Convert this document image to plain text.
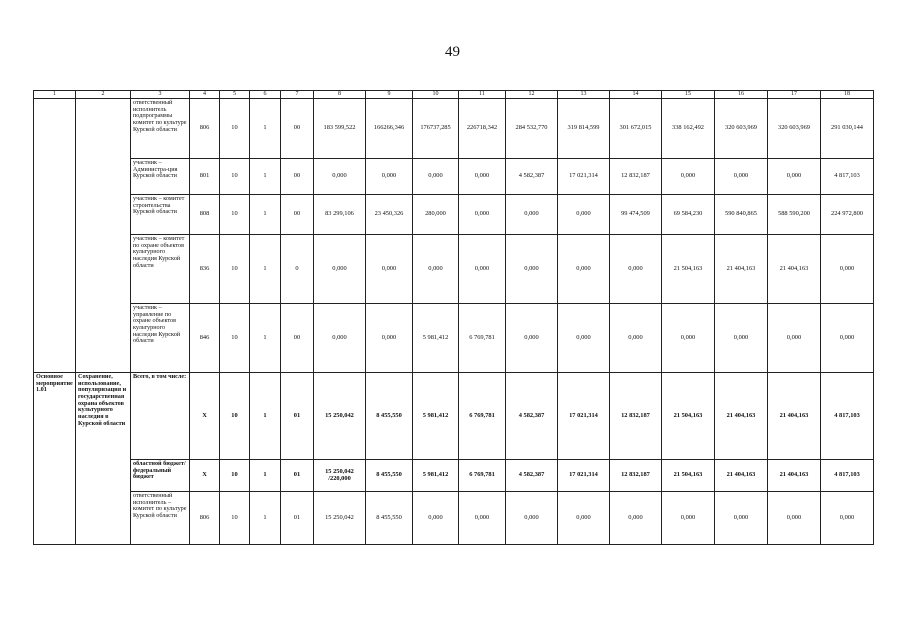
49
1	2	3	4	5	6	7	8	9	10	11	12	13	14	15	16	17	18
		ответственный исполнитель подпрограммы комитет по культуре Курской области	806	10	1	00	183 599,522	166266,346	176737,285	226718,342	284 532,770	319 814,599	301 672,015	338 162,492	320 603,969	320 603,969	291 030,144
		участник – Администра-ция Курской области	801	10	1	00	0,000	0,000	0,000	0,000	4 582,387	17 021,314	12 832,187	0,000	0,000	0,000	4 817,103
		участник – комитет строительства Курской области	808	10	1	00	83 299,106	23 450,326	280,000	0,000	0,000	0,000	99 474,509	69 584,230	590 840,865	588 590,200	224 972,800
		участник – комитет по охране объектов культурного наследия Курской области	836	10	1	0	0,000	0,000	0,000	0,000	0,000	0,000	0,000	21 504,163	21 404,163	21 404,163	0,000
		участник – управление по охране объектов культурного наследия Курской области	846	10	1	00	0,000	0,000	5 981,412	6 769,781	0,000	0,000	0,000	0,000	0,000	0,000	0,000
Основное мероприятие 1.01	Сохранение, использование, популяризация и государственная охрана объектов культурного наследия в Курской области	Всего, в том числе:	Х	10	1	01	15 250,042	8 455,550	5 981,412	6 769,781	4 582,387	17 021,314	12 832,187	21 504,163	21 404,163	21 404,163	4 817,103
		областной бюджет/ федеральный бюджет	Х	10	1	01	15 250,042 /220,000	8 455,550	5 981,412	6 769,781	4 582,387	17 021,314	12 832,187	21 504,163	21 404,163	21 404,163	4 817,103
		ответственный исполнитель – комитет по культуре Курской области	806	10	1	01	15 250,042	8 455,550	0,000	0,000	0,000	0,000	0,000	0,000	0,000	0,000	0,000
